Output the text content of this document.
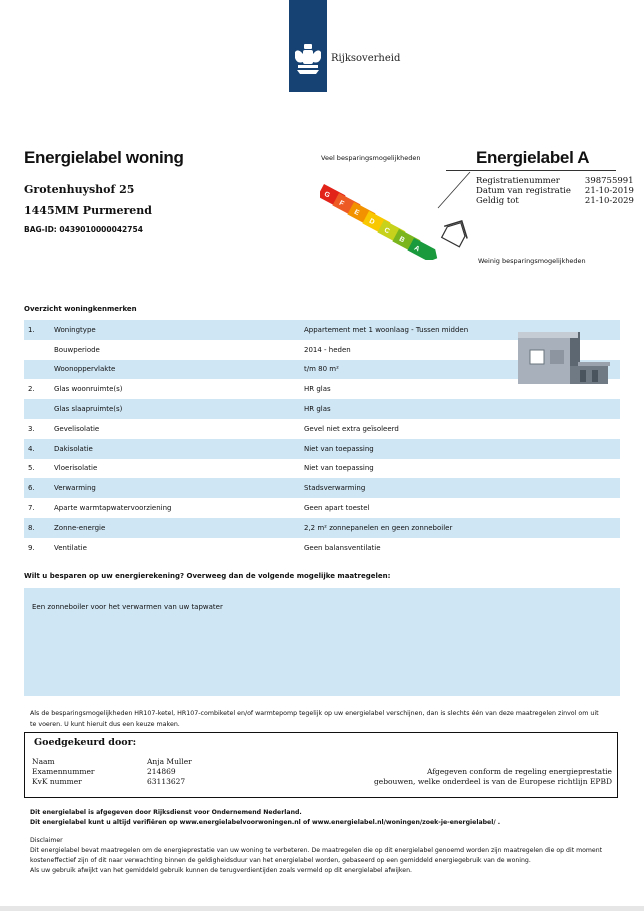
Rijksoverheid
Energielabel woning
Grotenhuyshof 25
1445MM Purmerend
BAG-ID: 0439010000042754
Veel besparingsmogelijkheden
Weinig besparingsmogelijkheden
G
F
E
D
C
B
A
Energielabel A
Registratienummer	398755991
Datum van registratie	21-10-2019
Geldig tot	21-10-2029
Overzicht woningkenmerken
1.	Woningtype	Appartement met 1 woonlaag - Tussen midden
	Bouwperiode	2014 - heden
	Woonoppervlakte	t/m 80 m²
2.	Glas woonruimte(s)	HR glas
	Glas slaapruimte(s)	HR glas
3.	Gevelisolatie	Gevel niet extra geïsoleerd
4.	Dakisolatie	Niet van toepassing
5.	Vloerisolatie	Niet van toepassing
6.	Verwarming	Stadsverwarming
7.	Aparte warmtapwatervoorziening	Geen apart toestel
8.	Zonne-energie	2,2 m² zonnepanelen en geen zonneboiler
9.	Ventilatie	Geen balansventilatie
Wilt u besparen op uw energierekening? Overweeg dan de volgende mogelijke maatregelen:
Een zonneboiler voor het verwarmen van uw tapwater
Als de besparingsmogelijkheden HR107-ketel, HR107-combiketel en/of warmtepomp tegelijk op uw energielabel verschijnen, dan is slechts één van deze maatregelen zinvol om uit te voeren. U kunt hieruit dus een keuze maken.
Goedgekeurd door:
Naam	Anja Muller
Examennummer	214869
KvK nummer	63113627
Afgegeven conform de regeling energieprestatie
gebouwen, welke onderdeel is van de Europese richtlijn EPBD
Dit energielabel is afgegeven door Rijksdienst voor Ondernemend Nederland.
Dit energielabel kunt u altijd verifiëren op www.energielabelvoorwoningen.nl of www.energielabel.nl/woningen/zoek-je-energielabel/ .
Disclaimer
Dit energielabel bevat maatregelen om de energieprestatie van uw woning te verbeteren. De maatregelen die op dit energielabel genoemd worden zijn maatregelen die op dit moment kosteneffectief zijn of dit naar verwachting binnen de geldigheidsduur van het energielabel worden, gebaseerd op een gemiddeld energiegebruik van de woning.
Als uw gebruik afwijkt van het gemiddeld gebruik kunnen de terugverdientijden zoals vermeld op dit energielabel afwijken.
